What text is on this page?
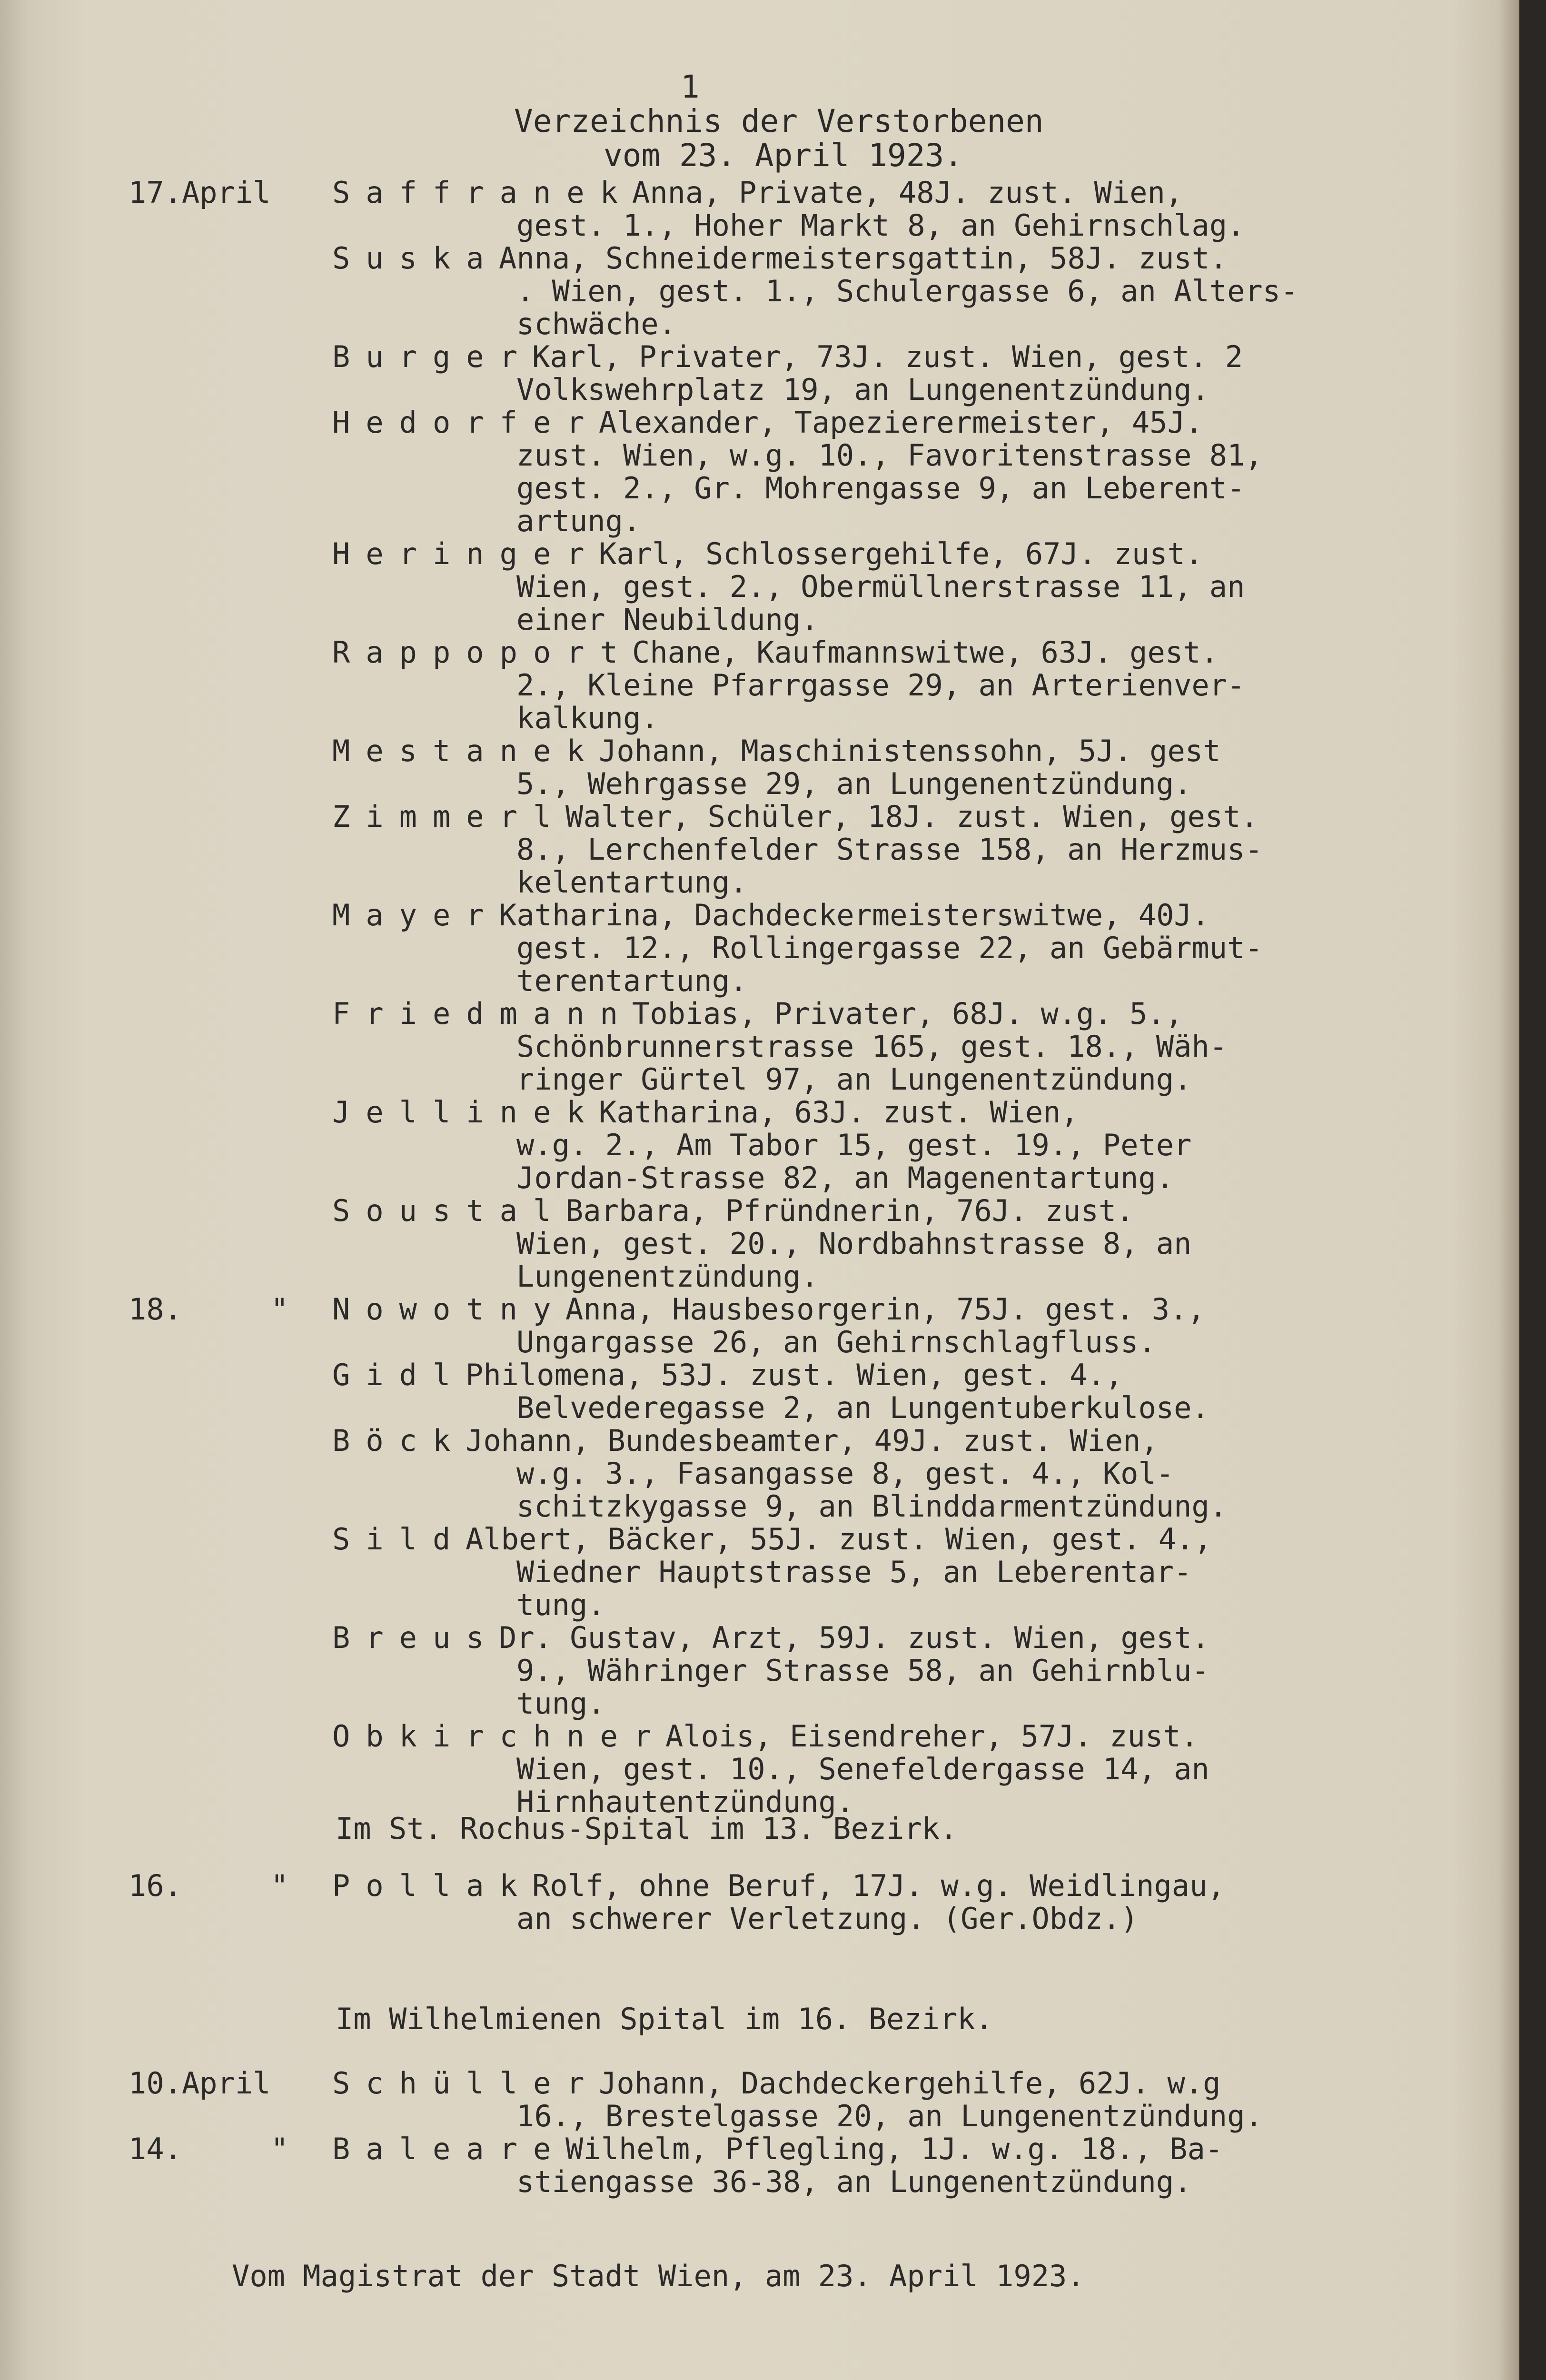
1
Verzeichnis der Verstorbenen
vom 23. April 1923.
17.April Saffranek
Anna, Private, 48J. zust. Wien,
gest. 1., Hoher Markt 8, an Gehirnschlag.
Suska
Anna, Schneidermeistersgattin, 58J. zust.
. Wien, gest. 1., Schulergasse 6, an Alters-
schwäche.
Burger
Karl, Privater, 73J. zust. Wien, gest. 2
Volkswehrplatz 19, an Lungenentzündung.
Hedorfer
Alexander, Tapezierermeister, 45J.
zust. Wien, w.g. 10., Favoritenstrasse 81,
gest. 2., Gr. Mohrengasse 9, an Leberent-
artung.
Heringer
Karl, Schlossergehilfe, 67J. zust.
Wien, gest. 2., Obermüllnerstrasse 11, an
einer Neubildung.
Rappoport
Chane, Kaufmannswitwe, 63J. gest.
2., Kleine Pfarrgasse 29, an Arterienver-
kalkung.
Mestanek
Johann, Maschinistenssohn, 5J. gest
5., Wehrgasse 29, an Lungenentzündung.
Zimmerl
Walter, Schüler, 18J. zust. Wien, gest.
8., Lerchenfelder Strasse 158, an Herzmus-
kelentartung.
Mayer
Katharina, Dachdeckermeisterswitwe, 40J.
gest. 12., Rollingergasse 22, an Gebärmut-
terentartung.
Friedmann
Tobias, Privater, 68J. w.g. 5.,
Schönbrunnerstrasse 165, gest. 18., Wäh-
ringer Gürtel 97, an Lungenentzündung.
Jellinek
Katharina, 63J. zust. Wien,
w.g. 2., Am Tabor 15, gest. 19., Peter
Jordan-Strasse 82, an Magenentartung.
Soustal
Barbara, Pfründnerin, 76J. zust.
Wien, gest. 20., Nordbahnstrasse 8, an
Lungenentzündung.
18.     " Nowotny
Anna, Hausbesorgerin, 75J. gest. 3.,
Ungargasse 26, an Gehirnschlagfluss.
Gidl
Philomena, 53J. zust. Wien, gest. 4.,
Belvederegasse 2, an Lungentuberkulose.
Böck
Johann, Bundesbeamter, 49J. zust. Wien,
w.g. 3., Fasangasse 8, gest. 4., Kol-
schitzkygasse 9, an Blinddarmentzündung.
Sild
Albert, Bäcker, 55J. zust. Wien, gest. 4.,
Wiedner Hauptstrasse 5, an Leberentar-
tung.
Breus
Dr. Gustav, Arzt, 59J. zust. Wien, gest.
9., Währinger Strasse 58, an Gehirnblu-
tung.
Obkirchner
Alois, Eisendreher, 57J. zust.
Wien, gest. 10., Senefeldergasse 14, an
Hirnhautentzündung.
Im St. Rochus-Spital im 13. Bezirk.
16.     " Pollak
Rolf, ohne Beruf, 17J. w.g. Weidlingau,
an schwerer Verletzung. (Ger.Obdz.)
Im Wilhelmienen Spital im 16. Bezirk.
10.April Schüller
Johann, Dachdeckergehilfe, 62J. w.g
16., Brestelgasse 20, an Lungenentzündung.
14.     " Baleare
Wilhelm, Pflegling, 1J. w.g. 18., Ba-
stiengasse 36-38, an Lungenentzündung.
Vom Magistrat der Stadt Wien, am 23. April 1923.
